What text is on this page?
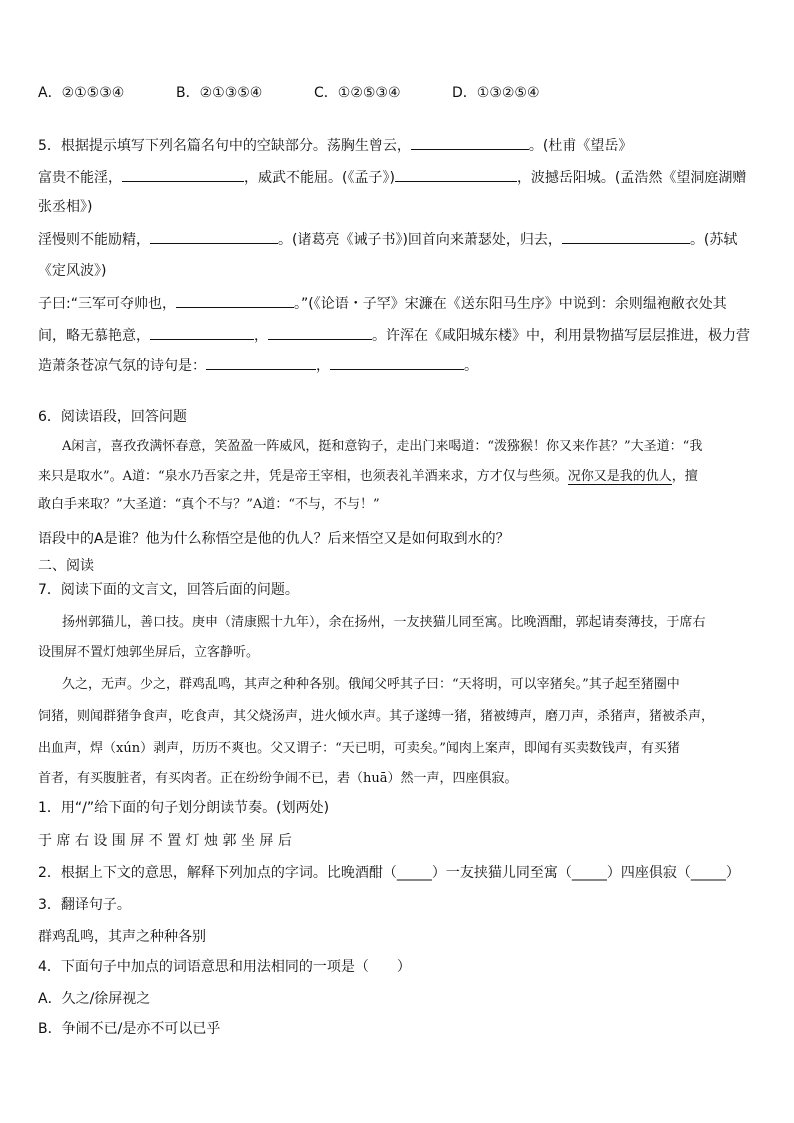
A．②①⑤③④	B．②①③⑤④	C．①②⑤③④	D．①③②⑤④
5．根据提示填写下列名篇名句中的空缺部分。荡胸生曾云，	。(杜甫《望岳》
富贵不能淫，	，威武不能屈。(《孟子》)	，波撼岳阳城。(孟浩然《望洞庭湖赠
张丞相》)
淫慢则不能励精，	。(诸葛亮《诫子书》)回首向来萧瑟处，归去，	。(苏轼
《定风波》)
子曰:“三军可夺帅也，	。”(《论语・子罕》宋濂在《送东阳马生序》中说到：余则缊袍敝衣处其
间，略无慕艳意，	，	。许浑在《咸阳城东楼》中，利用景物描写层层推进，极力营
造萧条苍凉气氛的诗句是：	，	。
6．阅读语段，回答问题
A闲言，喜孜孜满怀春意，笑盈盈一阵威风，挺和意钩子，走出门来喝道：“泼猕猴！你又来作甚？”大圣道：“我
来只是取水”。A道：“泉水乃吾家之井，凭是帝王宰相，也须表礼羊酒来求，方才仅与些须。况你又是我的仇人，擅
敢白手来取？”大圣道：“真个不与？”A道：“不与，不与！”
语段中的A是谁？他为什么称悟空是他的仇人？后来悟空又是如何取到水的？
二、阅读
7．阅读下面的文言文，回答后面的问题。
扬州郭猫儿，善口技。庚申（清康熙十九年），余在扬州，一友挟猫儿同至寓。比晚酒酣，郭起请奏薄技，于席右
设围屏不置灯烛郭坐屏后，立客静听。
久之，无声。少之，群鸡乱鸣，其声之种种各别。俄闻父呼其子曰：“天将明，可以宰猪矣。”其子起至猪圈中
饲猪，则闻群猪争食声，吃食声，其父烧汤声，进火倾水声。其子遂缚一猪，猪被缚声，磨刀声，杀猪声，猪被杀声，
出血声，焊（xún）剥声，历历不爽也。父又谓子：“天已明，可卖矣。”闻肉上案声，即闻有买卖数钱声，有买猪
首者，有买腹脏者，有买肉者。正在纷纷争闹不已，砉（huā）然一声，四座俱寂。
1．用“/”给下面的句子划分朗读节奏。(划两处)
于 席 右 设 围 屏 不 置 灯 烛 郭 坐 屏 后
2．根据上下文的意思，解释下列加点的字词。比晚酒酣（_____）一友挟猫儿同至寓（_____）四座俱寂（_____）
3．翻译句子。
群鸡乱鸣，其声之种种各别
4．下面句子中加点的词语意思和用法相同的一项是（　　）
A．久之/徐屏视之
B．争闹不已/是亦不可以已乎
